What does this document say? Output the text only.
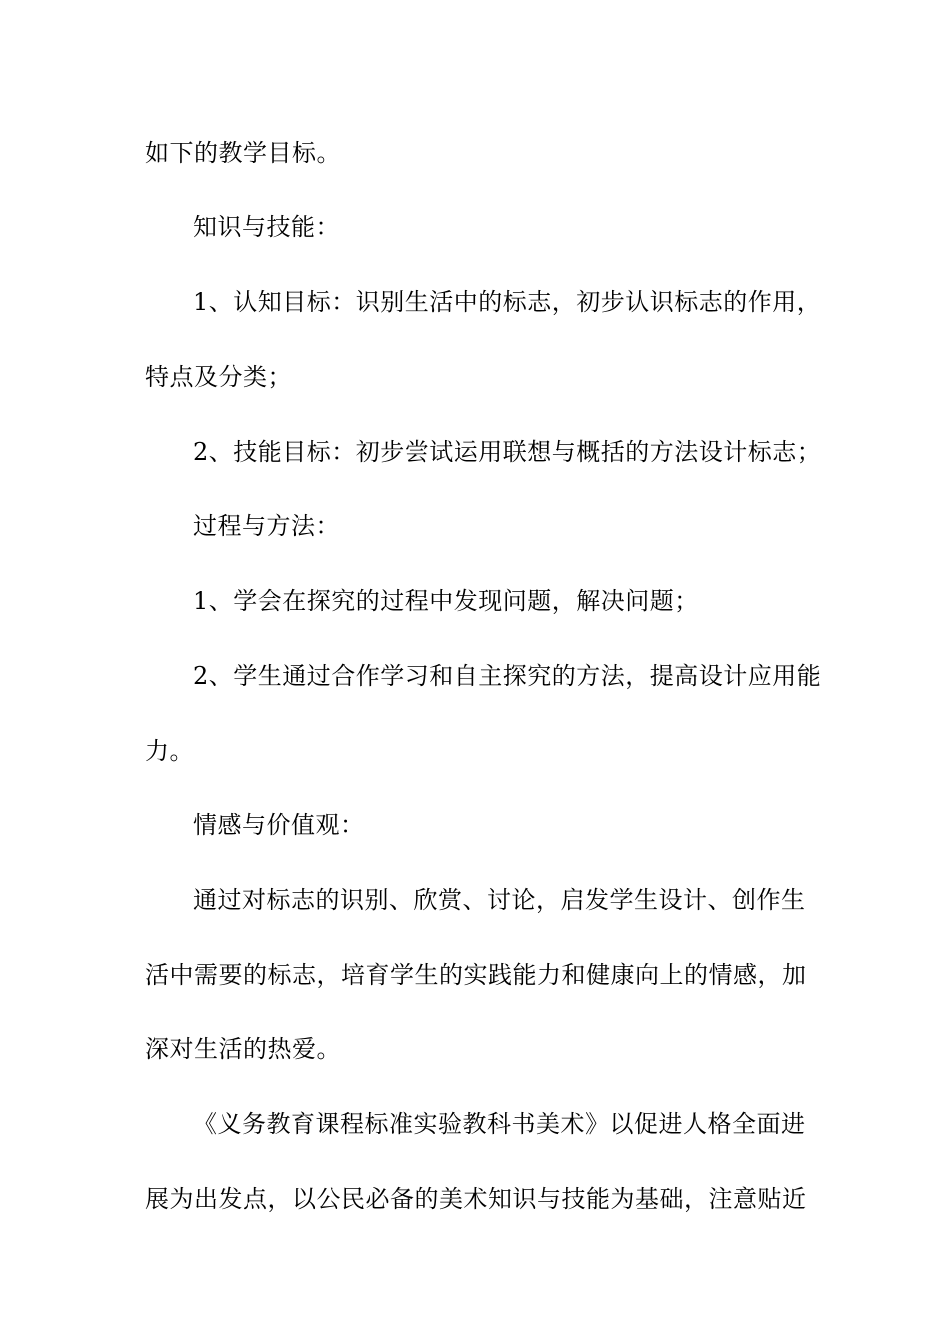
如下的教学目标。
知识与技能：
1、认知目标：识别生活中的标志，初步认识标志的作用，
特点及分类；
2、技能目标：初步尝试运用联想与概括的方法设计标志；
过程与方法：
1、学会在探究的过程中发现问题，解决问题；
2、学生通过合作学习和自主探究的方法，提高设计应用能
力。
情感与价值观：
通过对标志的识别、欣赏、讨论，启发学生设计、创作生
活中需要的标志，培育学生的实践能力和健康向上的情感，加
深对生活的热爱。
《义务教育课程标准实验教科书美术》以促进人格全面进
展为出发点，以公民必备的美术知识与技能为基础，注意贴近
